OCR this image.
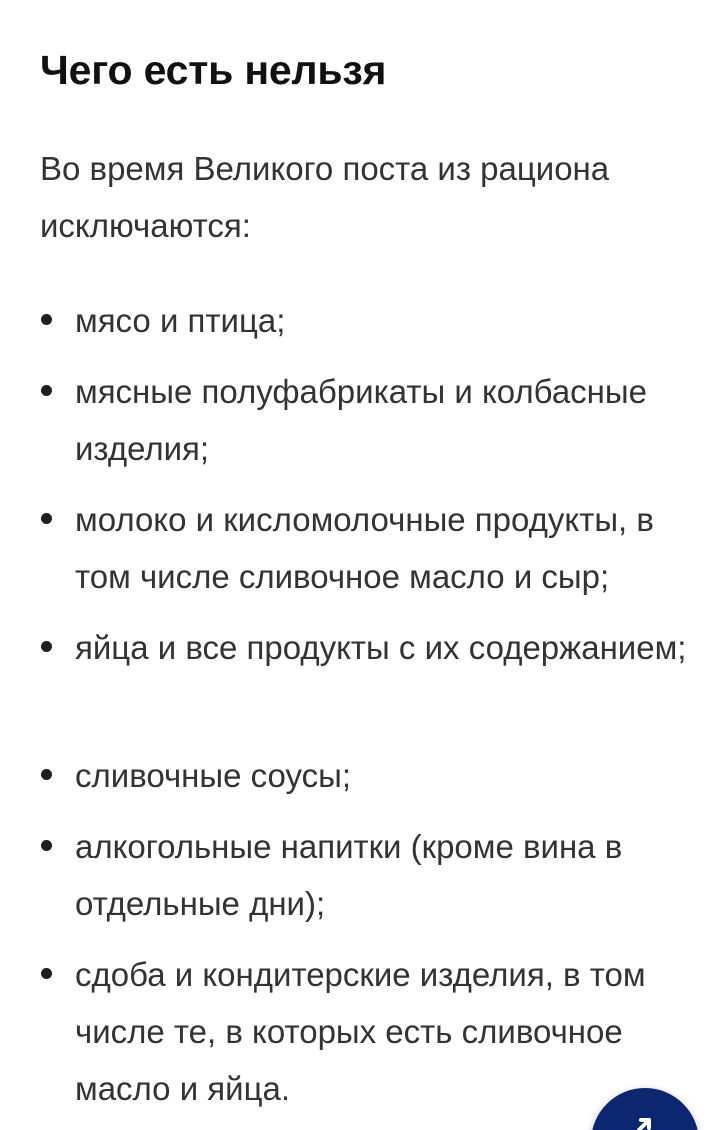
Чего есть нельзя

Во время Великого поста из рациона исключаются:

мясо и птица;
мясные полуфабрикаты и колбасные изделия;
молоко и кисломолочные продукты, в том числе сливочное масло и сыр;
яйца и все продукты с их содержанием;
сливочные соусы;
алкогольные напитки (кроме вина в отдельные дни);
сдоба и кондитерские изделия, в том числе те, в которых есть сливочное масло и яйца.
